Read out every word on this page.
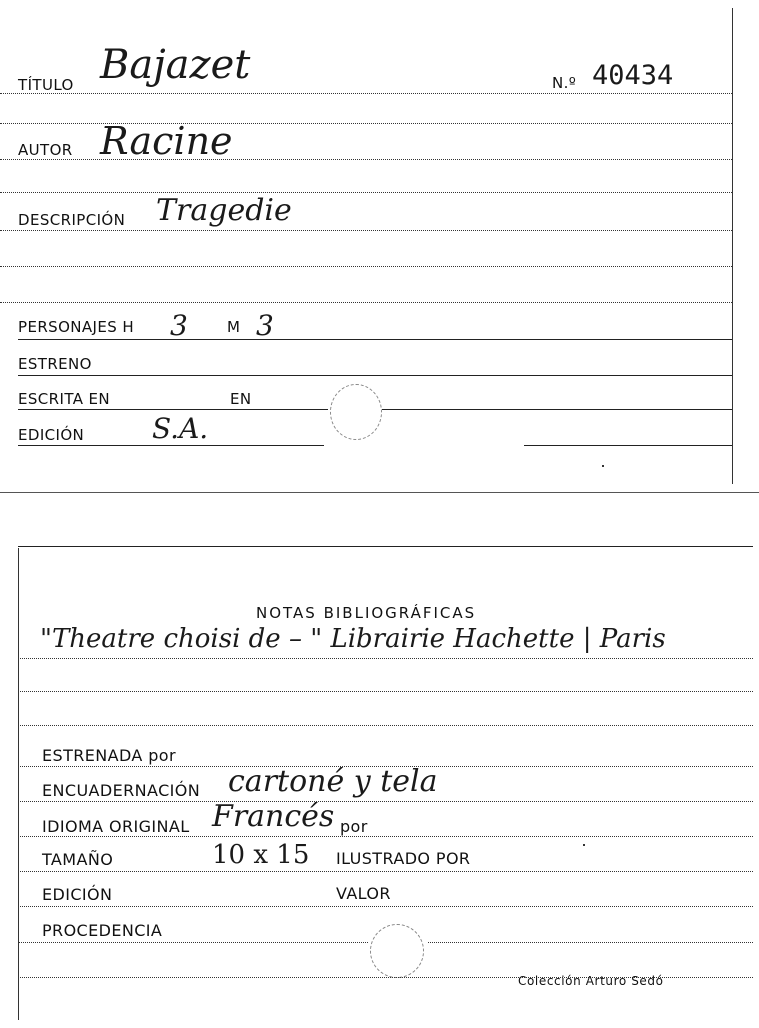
TÍTULO Bajazet	N.º 40434
AUTOR Racine
DESCRIPCIÓN Tragedie
PERSONAJES H 3	M 3
ESTRENO
ESCRITA EN	EN
EDICIÓN S.A.
NOTAS BIBLIOGRÁFICAS
"Theatre choisi de – " Librairie Hachette | Paris
ESTRENADA por
ENCUADERNACIÓN cartoné y tela
IDIOMA ORIGINAL Francés por
TAMAÑO	10 x 15 ILUSTRADO POR
EDICIÓN	VALOR
PROCEDENCIA
Colección Arturo Sedó
